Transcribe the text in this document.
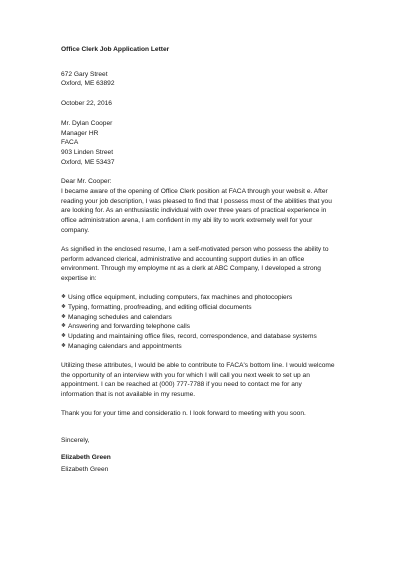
Office Clerk Job Application Letter

672 Gary Street

Oxford, ME 63892

October 22, 2016

Mr. Dylan Cooper

Manager HR

FACA

903 Linden Street

Oxford, ME 53437

Dear Mr. Cooper:

I became aware of the opening of Office Clerk position at FACA through your websit e. After

reading your job description, I was pleased to find that I possess most of the abilities that you

are looking for. As an enthusiastic individual with over three years of practical experience in

office administration arena, I am confident in my abi lity to work extremely well for your

company.

As signified in the enclosed resume, I am a self-motivated person who possess the ability to

perform advanced clerical, administrative and accounting support duties in an office

environment. Through my employme nt as a clerk at ABC Company, I developed a strong

expertise in:

❖ Using office equipment, including computers, fax machines and photocopiers
❖ Typing, formatting, proofreading, and editing official documents
❖ Managing schedules and calendars
❖ Answering and forwarding telephone calls
❖ Updating and maintaining office files, record, correspondence, and database systems
❖ Managing calendars and appointments

Utilizing these attributes, I would be able to contribute to FACA's bottom line. I would welcome

the opportunity of an interview with you for which I will call you next week to set up an

appointment. I can be reached at (000) 777-7788 if you need to contact me for any

information that is not available in my resume.

Thank you for your time and consideratio n. I look forward to meeting with you soon.

Sincerely,

Elizabeth Green

Elizabeth Green
